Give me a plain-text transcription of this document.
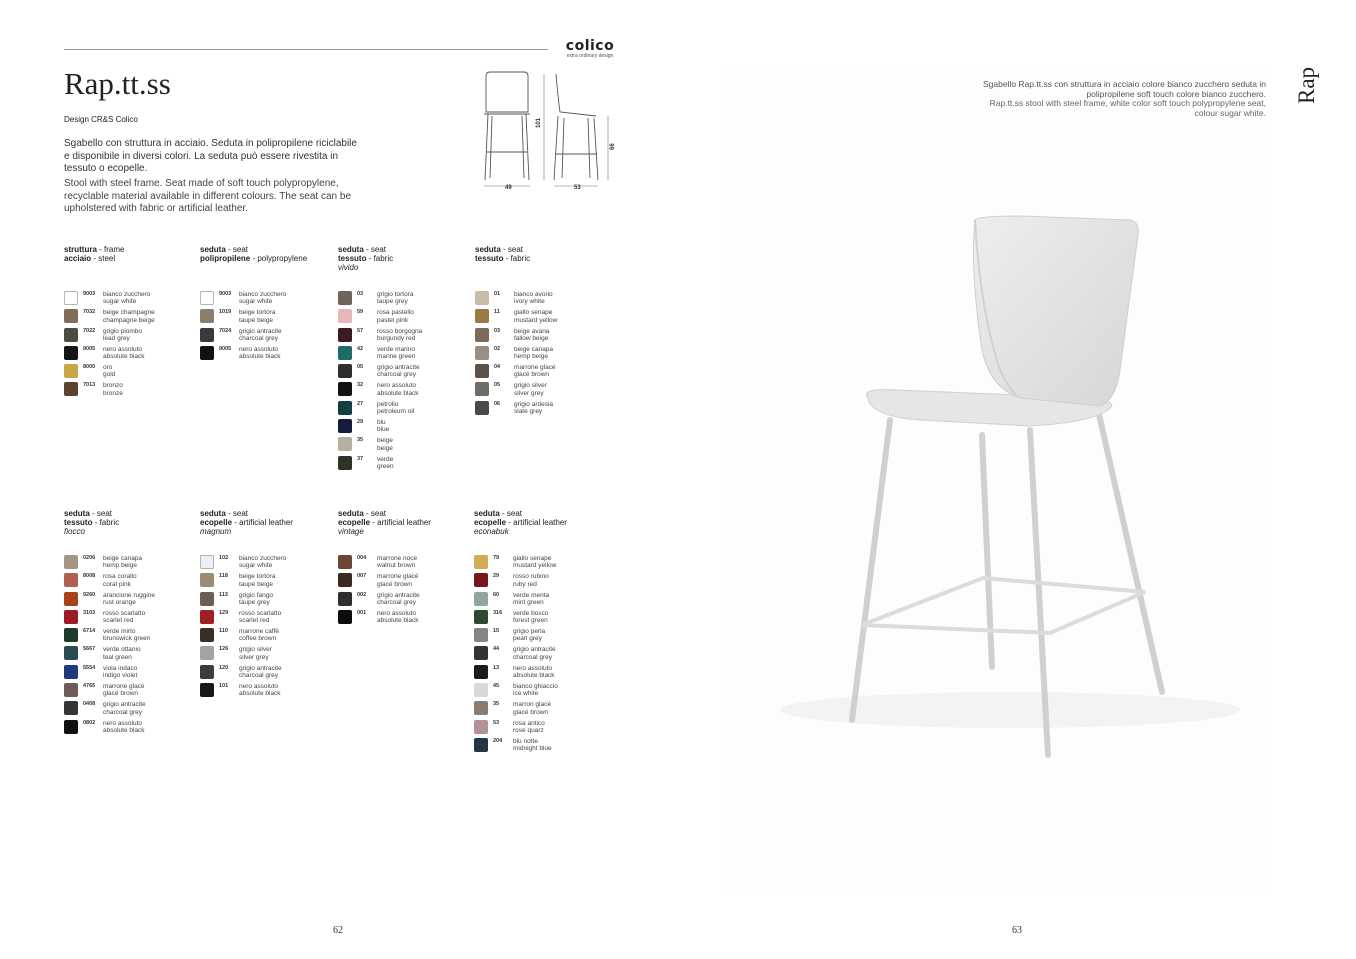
colico
extra ordinary design
Rap.tt.ss
Design CR&S Colico
Sgabello con struttura in acciaio. Seduta in polipropilene riciclabile e disponibile in diversi colori. La seduta può essere rivestita in tessuto o ecopelle.
Stool with steel frame. Seat made of soft touch polypropylene, recyclable material available in different colours. The seat can be upholstered with fabric or artificial leather.
101
66
49	53
struttura - frame
acciaio - steel
9003 bianco zucchero
sugar white
7032 beige champagne
champagne beige
7022 grigio piombo
lead grey
9005 nero assoluto
absolute black
8000 oro
gold
7013 bronzo
bronze
seduta - seat
polipropilene - polypropylene
9003 bianco zucchero
sugar white
1019 beige tortora
taupe beige
7024 grigio antracite
charcoal grey
9005 nero assoluto
absolute black
seduta - seat
tessuto - fabric
vivido
03 grigio tortora
taupe grey
59 rosa pastello
pastel pink
57 rosso borgogna
burgundy red
42 verde marino
marine green
05 grigio antracite
charcoal grey
32 nero assoluto
absolute black
27 petrolio
petroleum oil
29 blu
blue
35 beige
beige
37 verde
green
seduta - seat
tessuto - fabric
01 bianco avorio
ivory white
11 giallo senape
mustard yellow
03 beige avana
fallow beige
02 beige canapa
hemp beige
04 marrone glacé
glacé brown
05 grigio silver
silver grey
06 grigio ardesia
slate grey
seduta - seat
tessuto - fabric
fiocco
0206 beige canapa
hemp beige
8008 rosa corallo
coral pink
9260 arancione ruggine
rust orange
3103 rosso scarlatto
scarlet red
6714 verde mirto
brunswick green
5667 verde ottanio
teal green
5554 viola indaco
indigo violet
4765 marrone glacé
glacé brown
0408 grigio antracite
charcoal grey
0802 nero assoluto
absolute black
seduta - seat
ecopelle - artificial leather
magnum
102 bianco zucchero
sugar white
118 beige tortora
taupe beige
113 grigio fango
taupe grey
129 rosso scarlatto
scarlet red
110 marrone caffè
coffee brown
126 grigio silver
silver grey
120 grigio antracite
charcoal grey
101 nero assoluto
absolute black
seduta - seat
ecopelle - artificial leather
vintage
004 marrone noce
walnut brown
007 marrone glacé
glacé brown
002 grigio antracite
charcoal grey
001 nero assoluto
absolute black
seduta - seat
ecopelle - artificial leather
econabuk
79 giallo senape
mustard yellow
29 rosso rubino
ruby red
60 verde menta
mint green
316 verde bosco
forest green
15 grigio perla
pearl grey
44 grigio antracite
charcoal grey
13 nero assoluto
absolute black
45 bianco ghiaccio
ice white
35 marron glacé
glacé brown
53 rosa antico
rose quarz
204 blu notte
midnight blue
Sgabello Rap.tt.ss con struttura in acciaio colore bianco zucchero seduta in polipropilene soft touch colore bianco zucchero.
Rap.tt.ss stool with steel frame, white color soft touch polypropylene seat, colour sugar white.
Rap
62	63
